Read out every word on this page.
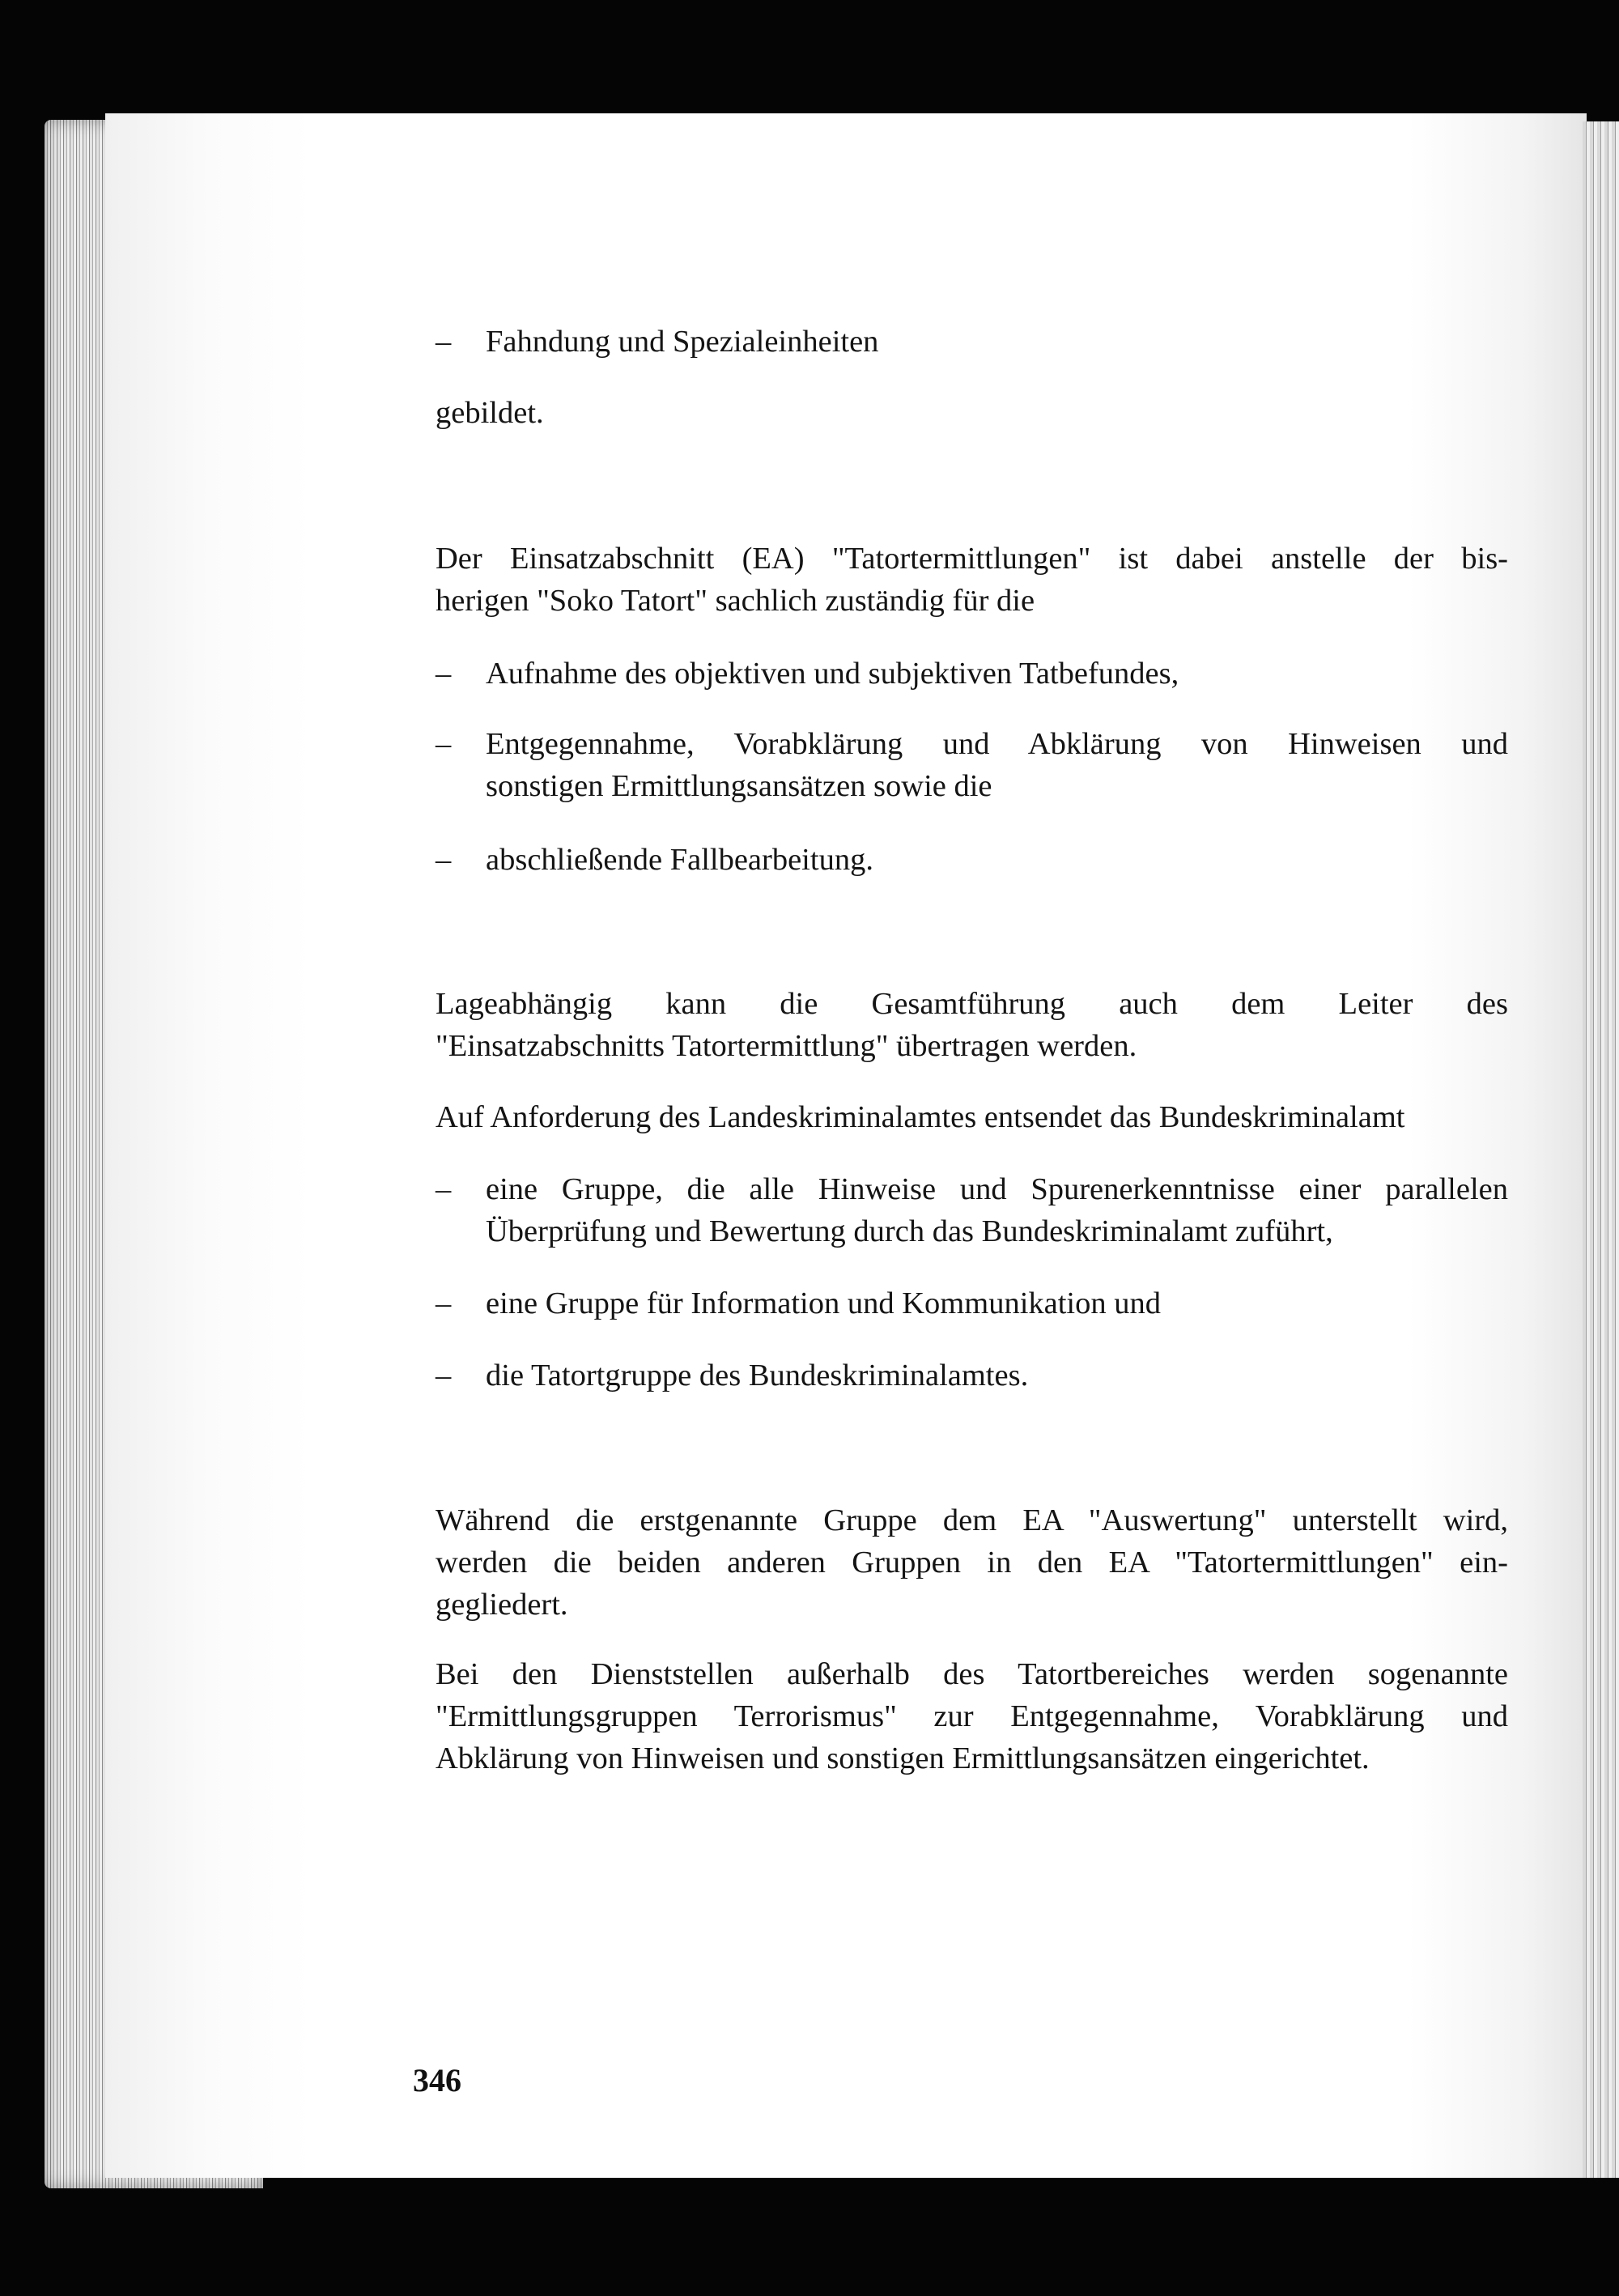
–	Fahndung und Spezialeinheiten
gebildet.
Der Einsatzabschnitt (EA) "Tatortermittlungen" ist dabei anstelle der bis-
herigen "Soko Tatort" sachlich zuständig für die
–	Aufnahme des objektiven und subjektiven Tatbefundes,
–	Entgegennahme, Vorabklärung und Abklärung von Hinweisen und
sonstigen Ermittlungsansätzen sowie die
–	abschließende Fallbearbeitung.
Lageabhängig kann die Gesamtführung auch dem Leiter des
"Einsatzabschnitts Tatortermittlung" übertragen werden.
Auf Anforderung des Landeskriminalamtes entsendet das Bundeskriminalamt
–	eine Gruppe, die alle Hinweise und Spurenerkenntnisse einer parallelen
Überprüfung und Bewertung durch das Bundeskriminalamt zuführt,
–	eine Gruppe für Information und Kommunikation und
–	die Tatortgruppe des Bundeskriminalamtes.
Während die erstgenannte Gruppe dem EA "Auswertung" unterstellt wird,
werden die beiden anderen Gruppen in den EA "Tatortermittlungen" ein-
gegliedert.
Bei den Dienststellen außerhalb des Tatortbereiches werden sogenannte
"Ermittlungsgruppen Terrorismus" zur Entgegennahme, Vorabklärung und
Abklärung von Hinweisen und sonstigen Ermittlungsansätzen eingerichtet.
346
